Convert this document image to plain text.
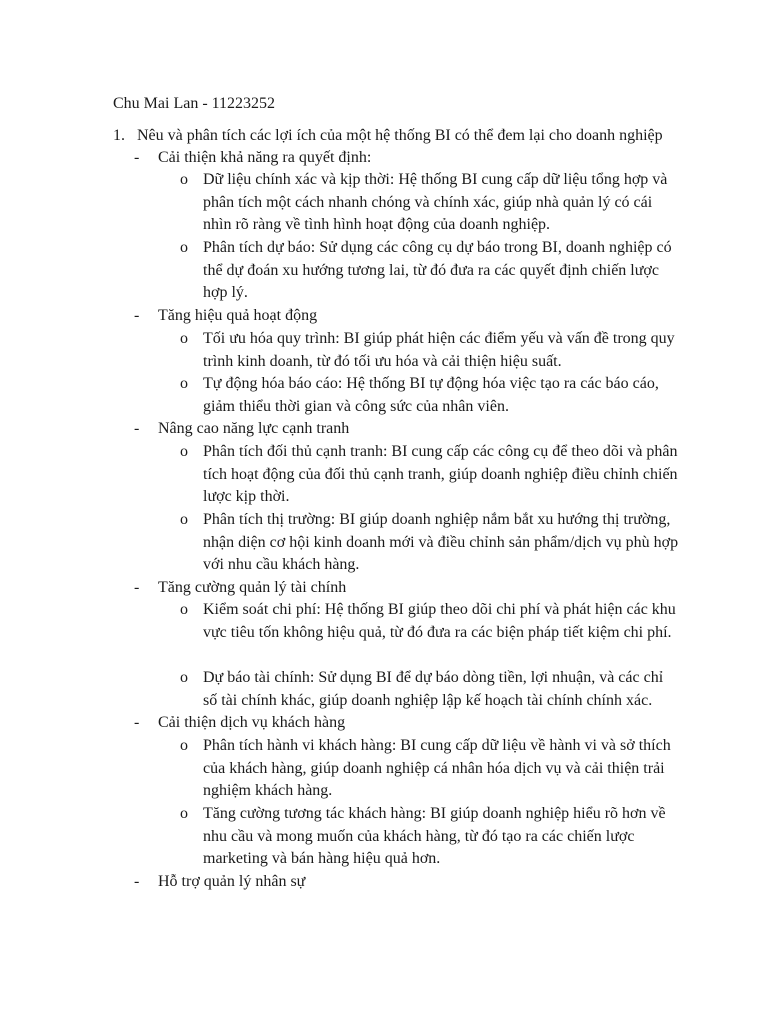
Chu Mai Lan - 11223252
1. Nêu và phân tích các lợi ích của một hệ thống BI có thể đem lại cho doanh nghiệp
- Cải thiện khả năng ra quyết định:
o Dữ liệu chính xác và kịp thời: Hệ thống BI cung cấp dữ liệu tổng hợp và phân tích một cách nhanh chóng và chính xác, giúp nhà quản lý có cái nhìn rõ ràng về tình hình hoạt động của doanh nghiệp.
o Phân tích dự báo: Sử dụng các công cụ dự báo trong BI, doanh nghiệp có thể dự đoán xu hướng tương lai, từ đó đưa ra các quyết định chiến lược hợp lý.
- Tăng hiệu quả hoạt động
o Tối ưu hóa quy trình: BI giúp phát hiện các điểm yếu và vấn đề trong quy trình kinh doanh, từ đó tối ưu hóa và cải thiện hiệu suất.
o Tự động hóa báo cáo: Hệ thống BI tự động hóa việc tạo ra các báo cáo, giảm thiểu thời gian và công sức của nhân viên.
- Nâng cao năng lực cạnh tranh
o Phân tích đối thủ cạnh tranh: BI cung cấp các công cụ để theo dõi và phân tích hoạt động của đối thủ cạnh tranh, giúp doanh nghiệp điều chỉnh chiến lược kịp thời.
o Phân tích thị trường: BI giúp doanh nghiệp nắm bắt xu hướng thị trường, nhận diện cơ hội kinh doanh mới và điều chỉnh sản phẩm/dịch vụ phù hợp với nhu cầu khách hàng.
- Tăng cường quản lý tài chính
o Kiểm soát chi phí: Hệ thống BI giúp theo dõi chi phí và phát hiện các khu vực tiêu tốn không hiệu quả, từ đó đưa ra các biện pháp tiết kiệm chi phí.
o Dự báo tài chính: Sử dụng BI để dự báo dòng tiền, lợi nhuận, và các chỉ số tài chính khác, giúp doanh nghiệp lập kế hoạch tài chính chính xác.
- Cải thiện dịch vụ khách hàng
o Phân tích hành vi khách hàng: BI cung cấp dữ liệu về hành vi và sở thích của khách hàng, giúp doanh nghiệp cá nhân hóa dịch vụ và cải thiện trải nghiệm khách hàng.
o Tăng cường tương tác khách hàng: BI giúp doanh nghiệp hiểu rõ hơn về nhu cầu và mong muốn của khách hàng, từ đó tạo ra các chiến lược marketing và bán hàng hiệu quả hơn.
- Hỗ trợ quản lý nhân sự
